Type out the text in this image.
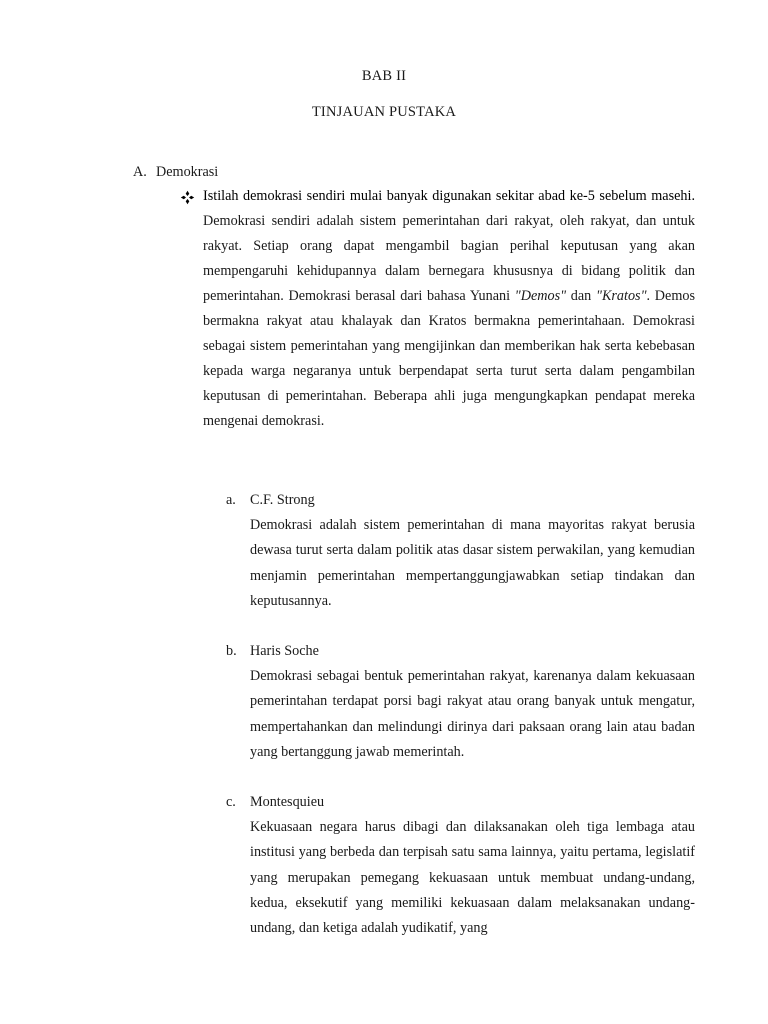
BAB II
TINJAUAN PUSTAKA
A. Demokrasi

Istilah demokrasi sendiri mulai banyak digunakan sekitar abad ke-5 sebelum masehi. Demokrasi sendiri adalah sistem pemerintahan dari rakyat, oleh rakyat, dan untuk rakyat. Setiap orang dapat mengambil bagian perihal keputusan yang akan mempengaruhi kehidupannya dalam bernegara khususnya di bidang politik dan pemerintahan. Demokrasi berasal dari bahasa Yunani "Demos" dan "Kratos". Demos bermakna rakyat atau khalayak dan Kratos bermakna pemerintahaan. Demokrasi sebagai sistem pemerintahan yang mengijinkan dan memberikan hak serta kebebasan kepada warga negaranya untuk berpendapat serta turut serta dalam pengambilan keputusan di pemerintahan. Beberapa ahli juga mengungkapkan pendapat mereka mengenai demokrasi.

a. C.F. Strong

Demokrasi adalah sistem pemerintahan di mana mayoritas rakyat berusia dewasa turut serta dalam politik atas dasar sistem perwakilan, yang kemudian menjamin pemerintahan mempertanggungjawabkan setiap tindakan dan keputusannya.

b. Haris Soche

Demokrasi sebagai bentuk pemerintahan rakyat, karenanya dalam kekuasaan pemerintahan terdapat porsi bagi rakyat atau orang banyak untuk mengatur, mempertahankan dan melindungi dirinya dari paksaan orang lain atau badan yang bertanggung jawab memerintah.

c. Montesquieu

Kekuasaan negara harus dibagi dan dilaksanakan oleh tiga lembaga atau institusi yang berbeda dan terpisah satu sama lainnya, yaitu pertama, legislatif yang merupakan pemegang kekuasaan untuk membuat undang-undang, kedua, eksekutif yang memiliki kekuasaan dalam melaksanakan undang-undang, dan ketiga adalah yudikatif, yang
